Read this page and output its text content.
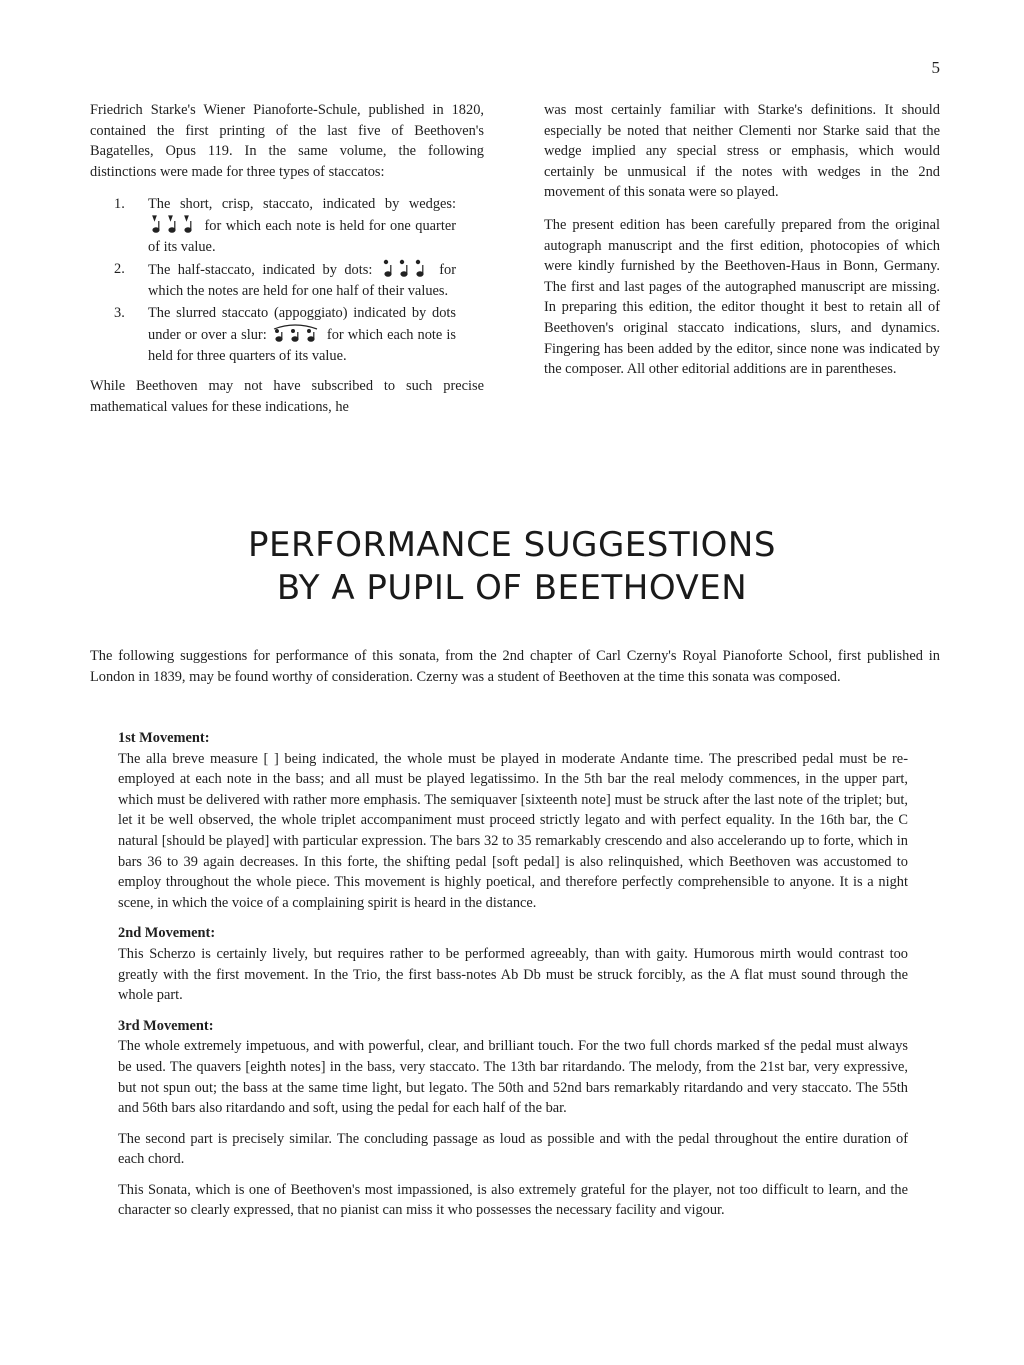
5

Friedrich Starke's Wiener Pianoforte-Schule, published in 1820, contained the first printing of the last five of Beethoven's Bagatelles, Opus 119. In the same volume, the following distinctions were made for three types of staccatos:

1.	The short, crisp, staccato, indicated by wedges:  for which each note is held for one quarter of its value.
2.	The half-staccato, indicated by dots:	for which the notes are held for one half of their values.
3.	The slurred staccato (appoggiato) indicated by dots under or over a slur:	for which each note is held for three quarters of its value.

While Beethoven may not have subscribed to such precise mathematical values for these indications, he

was most certainly familiar with Starke's definitions. It should especially be noted that neither Clementi nor Starke said that the wedge implied any special stress or emphasis, which would certainly be unmusical if the notes with wedges in the 2nd movement of this sonata were so played.

The present edition has been carefully prepared from the original autograph manuscript and the first edition, photocopies of which were kindly furnished by the Beethoven-Haus in Bonn, Germany. The first and last pages of the autographed manuscript are missing. In preparing this edition, the editor thought it best to retain all of Beethoven's original staccato indications, slurs, and dynamics. Fingering has been added by the editor, since none was indicated by the composer. All other editorial additions are in parentheses.

PERFORMANCE SUGGESTIONS
BY A PUPIL OF BEETHOVEN

The following suggestions for performance of this sonata, from the 2nd chapter of Carl Czerny's Royal Pianoforte School, first published in London in 1839, may be found worthy of consideration. Czerny was a student of Beethoven at the time this sonata was composed.

1st Movement:

The alla breve measure [ ] being indicated, the whole must be played in moderate Andante time. The prescribed pedal must be re-employed at each note in the bass; and all must be played legatissimo. In the 5th bar the real melody commences, in the upper part, which must be delivered with rather more emphasis. The semiquaver [sixteenth note] must be struck after the last note of the triplet; but, let it be well observed, the whole triplet accompaniment must proceed strictly legato and with perfect equality. In the 16th bar, the C natural [should be played] with particular expression. The bars 32 to 35 remarkably crescendo and also accelerando up to forte, which in bars 36 to 39 again decreases. In this forte, the shifting pedal [soft pedal] is also relinquished, which Beethoven was accustomed to employ throughout the whole piece. This movement is highly poetical, and therefore perfectly comprehensible to anyone. It is a night scene, in which the voice of a complaining spirit is heard in the distance.

2nd Movement:

This Scherzo is certainly lively, but requires rather to be performed agreeably, than with gaity. Humorous mirth would contrast too greatly with the first movement. In the Trio, the first bass-notes Ab Db must be struck forcibly, as the A flat must sound through the whole part.

3rd Movement:

The whole extremely impetuous, and with powerful, clear, and brilliant touch. For the two full chords marked sf the pedal must always be used. The quavers [eighth notes] in the bass, very staccato. The 13th bar ritardando. The melody, from the 21st bar, very expressive, but not spun out; the bass at the same time light, but legato. The 50th and 52nd bars remarkably ritardando and very staccato. The 55th and 56th bars also ritardando and soft, using the pedal for each half of the bar.

The second part is precisely similar. The concluding passage as loud as possible and with the pedal throughout the entire duration of each chord.

This Sonata, which is one of Beethoven's most impassioned, is also extremely grateful for the player, not too difficult to learn, and the character so clearly expressed, that no pianist can miss it who possesses the necessary facility and vigour.
